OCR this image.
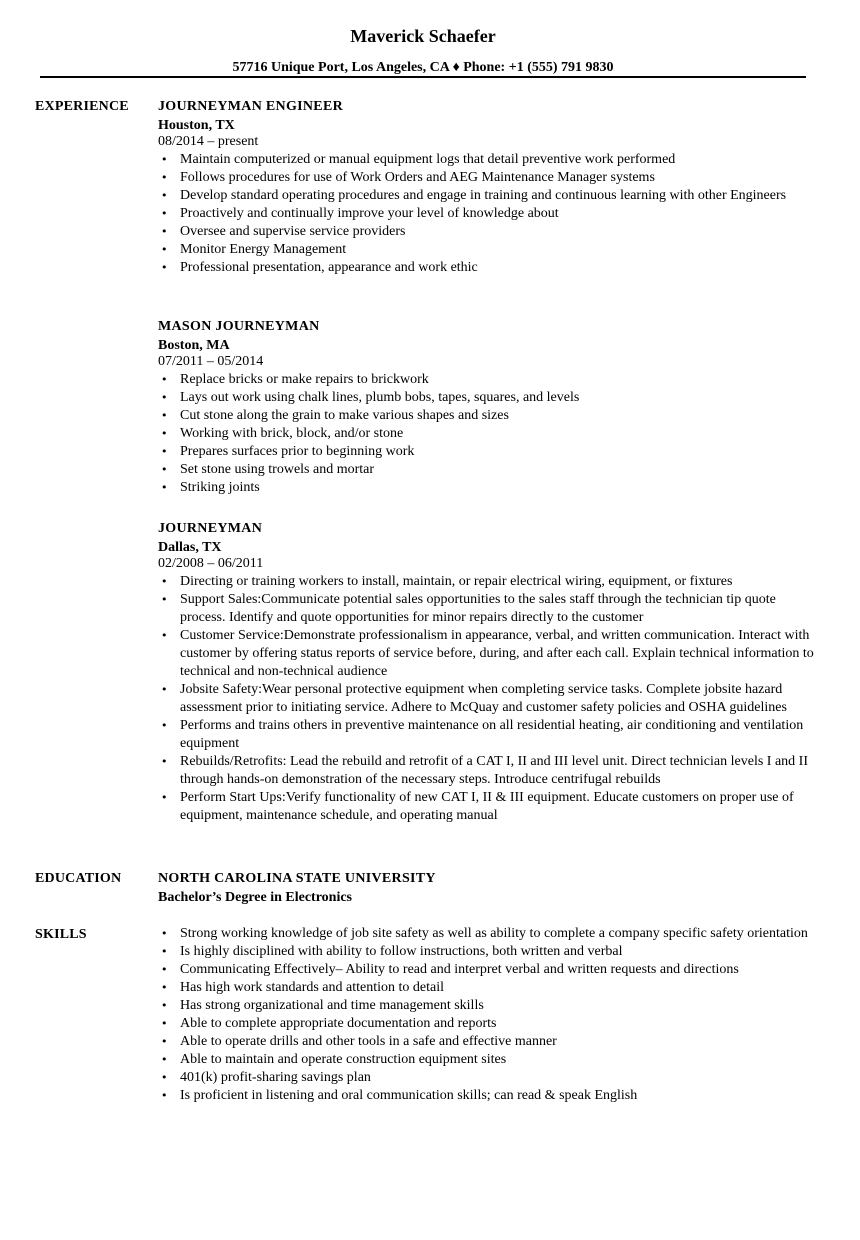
Maverick Schaefer
57716 Unique Port, Los Angeles, CA ♦ Phone: +1 (555) 791 9830
EXPERIENCE JOURNEYMAN ENGINEER
Houston, TX
08/2014 – present
• Maintain computerized or manual equipment logs that detail preventive work performed
• Follows procedures for use of Work Orders and AEG Maintenance Manager systems
• Develop standard operating procedures and engage in training and continuous learning with other Engineers
• Proactively and continually improve your level of knowledge about
• Oversee and supervise service providers
• Monitor Energy Management
• Professional presentation, appearance and work ethic
MASON JOURNEYMAN
Boston, MA
07/2011 – 05/2014
• Replace bricks or make repairs to brickwork
• Lays out work using chalk lines, plumb bobs, tapes, squares, and levels
• Cut stone along the grain to make various shapes and sizes
• Working with brick, block, and/or stone
• Prepares surfaces prior to beginning work
• Set stone using trowels and mortar
• Striking joints
JOURNEYMAN
Dallas, TX
02/2008 – 06/2011
• Directing or training workers to install, maintain, or repair electrical wiring, equipment, or fixtures
• Support Sales:Communicate potential sales opportunities to the sales staff through the technician tip quote process. Identify and quote opportunities for minor repairs directly to the customer
• Customer Service:Demonstrate professionalism in appearance, verbal, and written communication. Interact with customer by offering status reports of service before, during, and after each call. Explain technical information to technical and non-technical audience
• Jobsite Safety:Wear personal protective equipment when completing service tasks. Complete jobsite hazard assessment prior to initiating service. Adhere to McQuay and customer safety policies and OSHA guidelines
• Performs and trains others in preventive maintenance on all residential heating, air conditioning and ventilation equipment
• Rebuilds/Retrofits: Lead the rebuild and retrofit of a CAT I, II and III level unit. Direct technician levels I and II through hands-on demonstration of the necessary steps. Introduce centrifugal rebuilds
• Perform Start Ups:Verify functionality of new CAT I, II & III equipment. Educate customers on proper use of equipment, maintenance schedule, and operating manual
EDUCATION	NORTH CAROLINA STATE UNIVERSITY
Bachelor’s Degree in Electronics
SKILLS
•	Strong working knowledge of job site safety as well as ability to complete a company specific safety orientation
• Is highly disciplined with ability to follow instructions, both written and verbal
• Communicating Effectively– Ability to read and interpret verbal and written requests and directions
• Has high work standards and attention to detail
• Has strong organizational and time management skills
• Able to complete appropriate documentation and reports
• Able to operate drills and other tools in a safe and effective manner
• Able to maintain and operate construction equipment sites
• 401(k) profit-sharing savings plan
• Is proficient in listening and oral communication skills; can read & speak English
